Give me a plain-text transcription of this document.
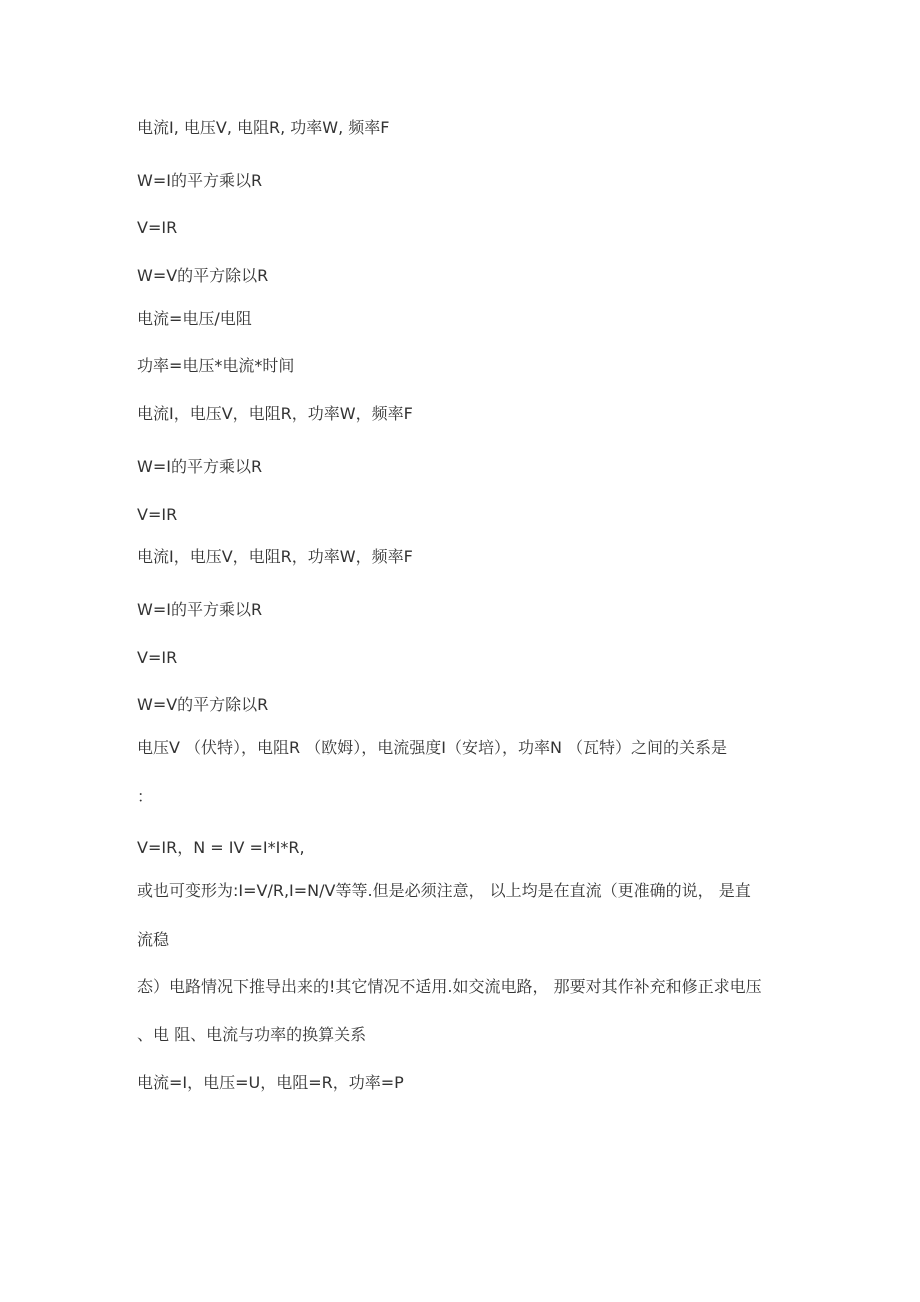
电流I, 电压V, 电阻R, 功率W, 频率F
W=I的平方乘以R
V=IR
W=V的平方除以R
电流=电压/电阻
功率=电压*电流*时间
电流I，电压V，电阻R，功率W，频率F
W=I的平方乘以R
V=IR
电流I，电压V，电阻R，功率W，频率F
W=I的平方乘以R
V=IR
W=V的平方除以R
电压V （伏特），电阻R （欧姆），电流强度I（安培），功率N （瓦特）之间的关系是
：
V=IR，N = IV =I*I*R,
或也可变形为:I=V/R,I=N/V等等.但是必须注意， 以上均是在直流（更准确的说， 是直
流稳
态）电路情况下推导出来的!其它情况不适用.如交流电路， 那要对其作补充和修正求电压
、电 阻、电流与功率的换算关系
电流=I，电压=U，电阻=R，功率=P
